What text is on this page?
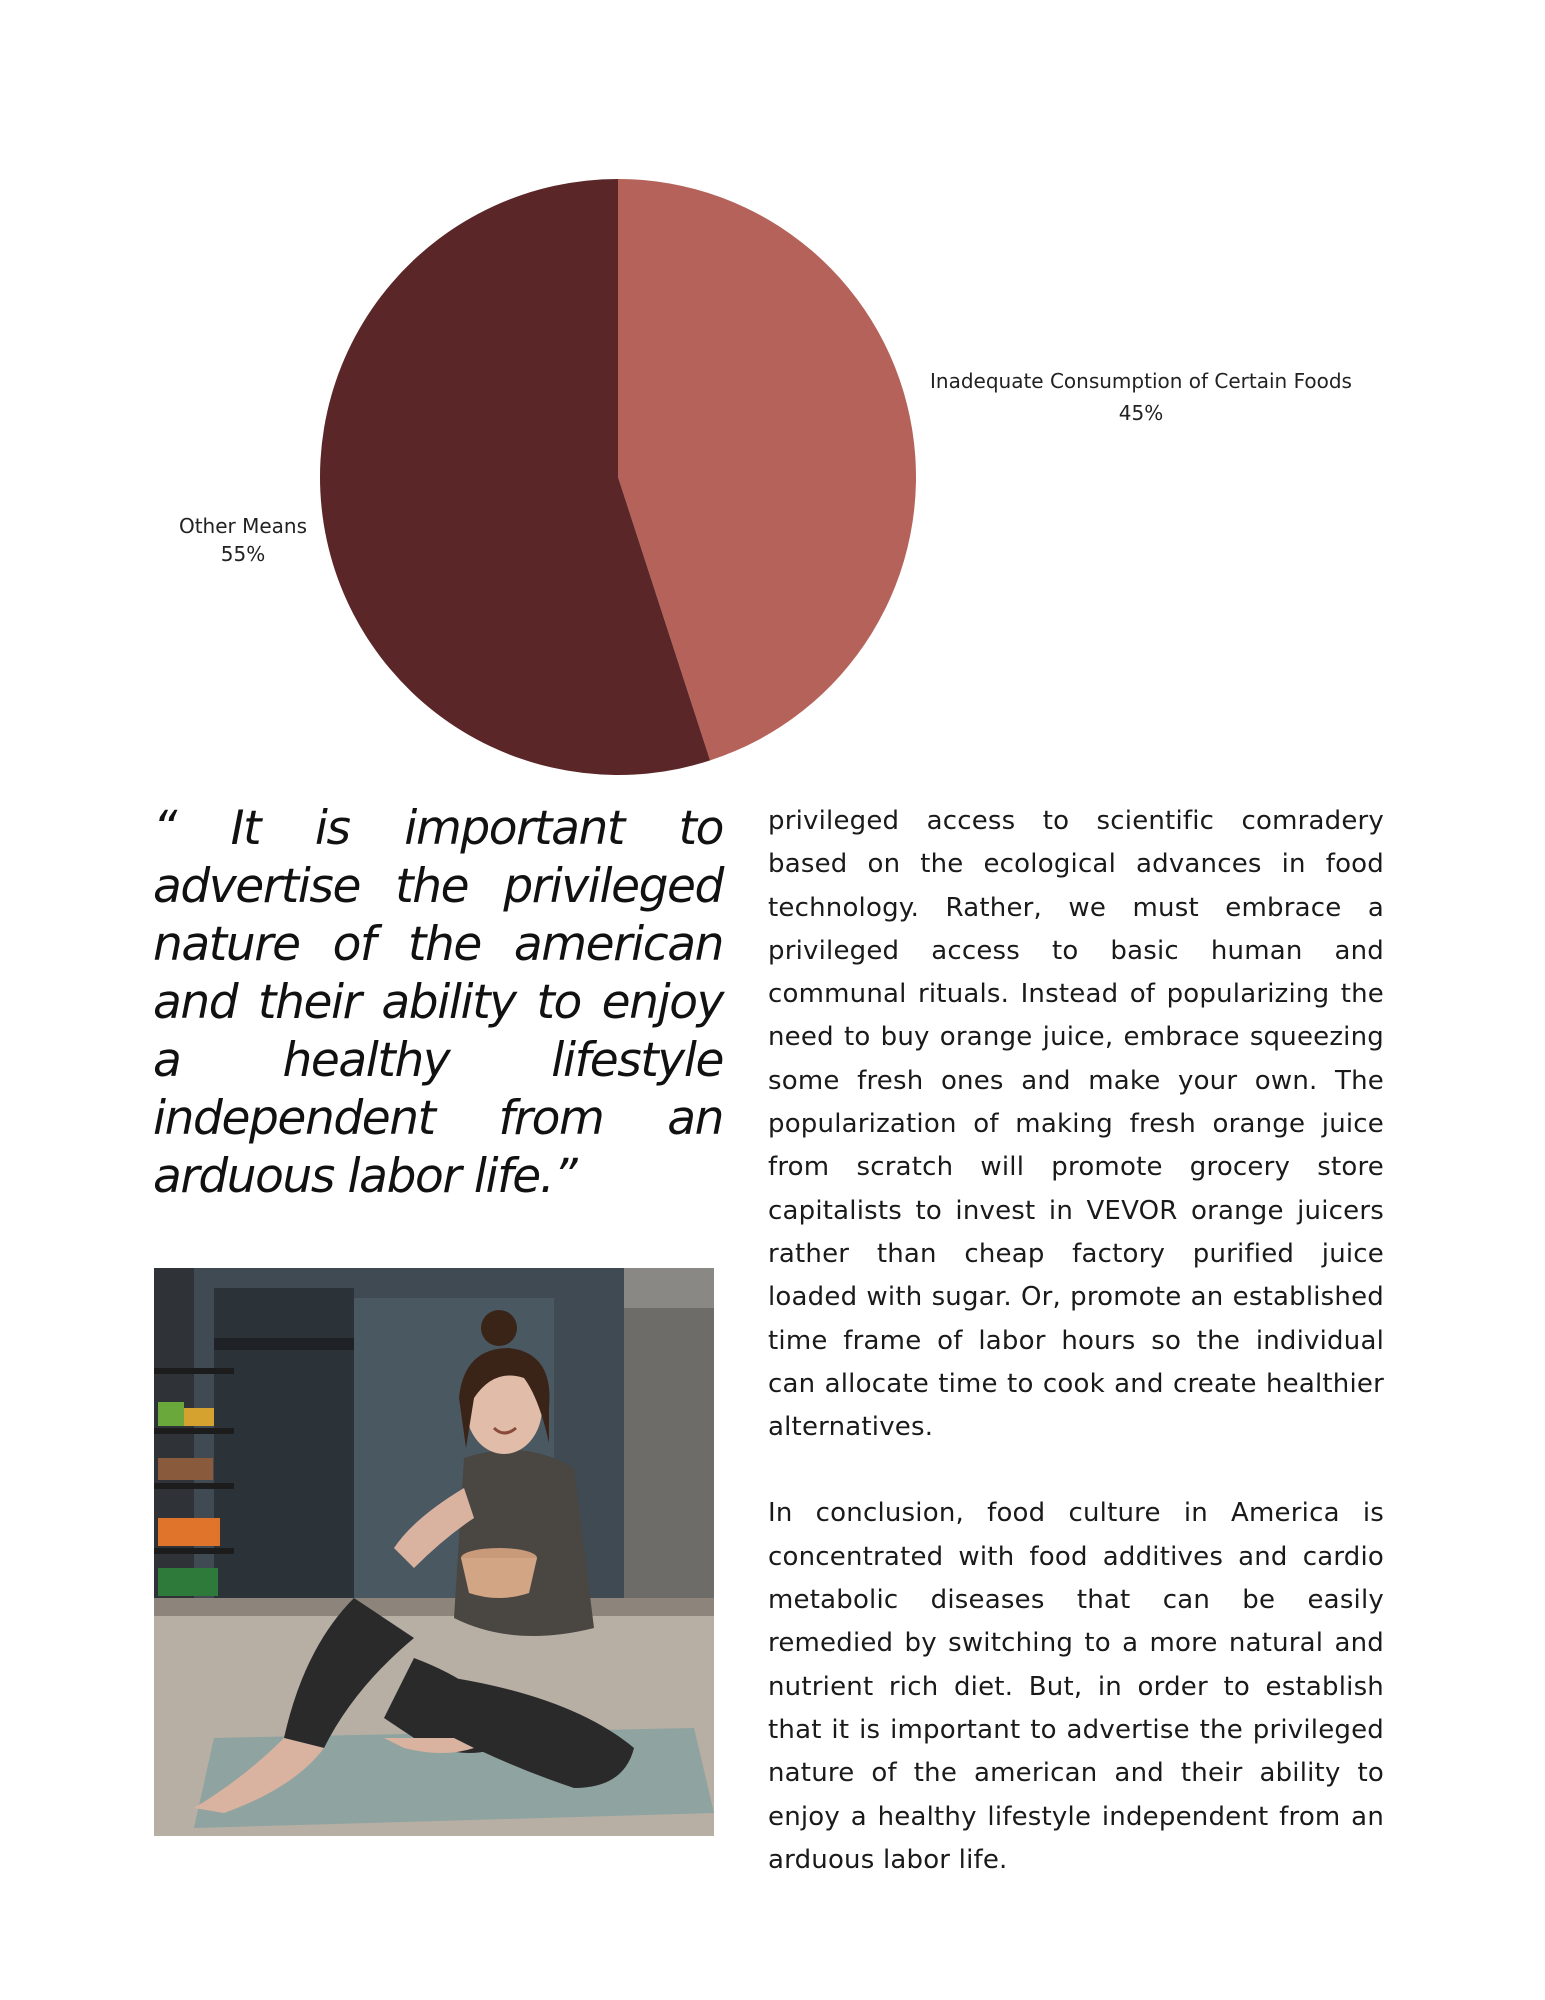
Inadequate Consumption of Certain Foods
45%
Other Means
55%

“ It is important to advertise the privileged nature of the american and their ability to enjoy a healthy lifestyle independent from an arduous labor life.”

privileged access to scientific comradery based on the ecological advances in food technology. Rather, we must embrace a privileged access to basic human and communal rituals. Instead of popularizing the need to buy orange juice, embrace squeezing some fresh ones and make your own. The popularization of making fresh orange juice from scratch will promote grocery store capitalists to invest in VEVOR orange juicers rather than cheap factory purified juice loaded with sugar. Or, promote an established time frame of labor hours so the individual can allocate time to cook and create healthier alternatives.

In conclusion, food culture in America is concentrated with food additives and cardio metabolic diseases that can be easily remedied by switching to a more natural and nutrient rich diet. But, in order to establish that it is important to advertise the privileged nature of the american and their ability to enjoy a healthy lifestyle independent from an arduous labor life.
